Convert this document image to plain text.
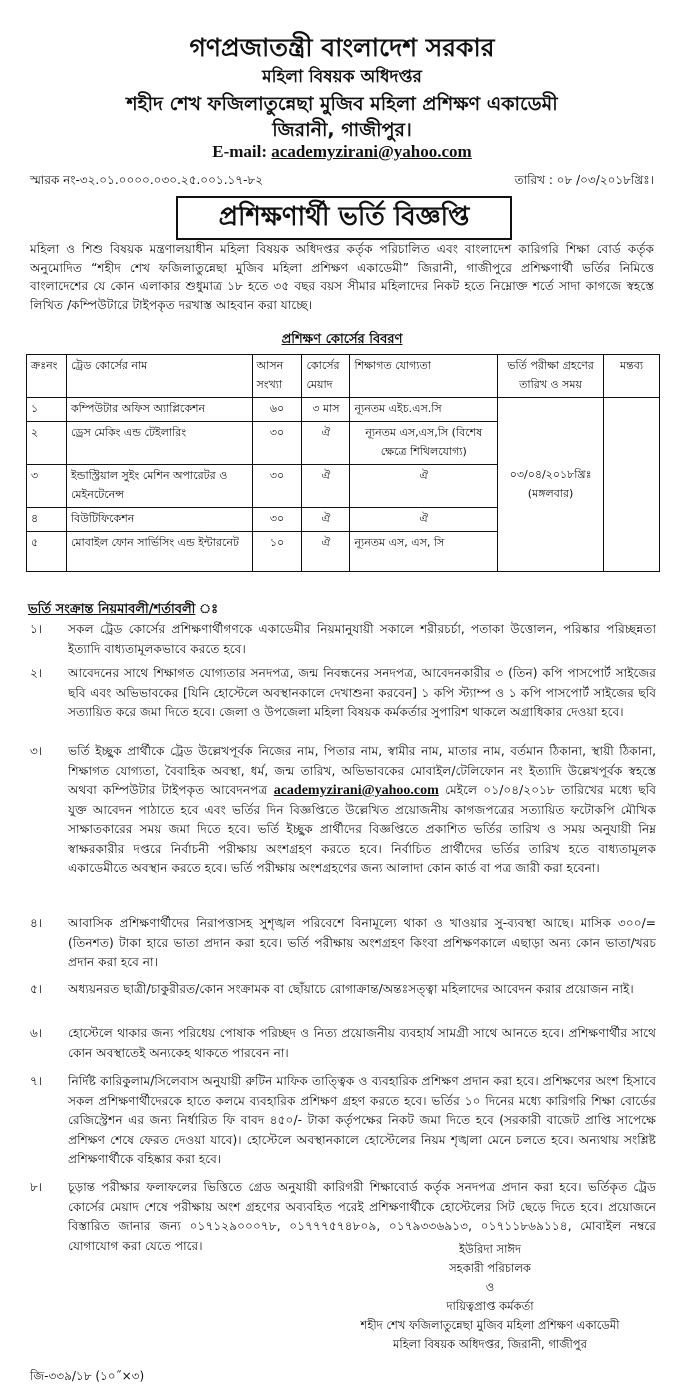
গণপ্রজাতন্ত্রী বাংলাদেশ সরকার
মহিলা বিষয়ক অধিদপ্তর
শহীদ শেখ ফজিলাতুন্নেছা মুজিব মহিলা প্রশিক্ষণ একাডেমী
জিরানী, গাজীপুর।
E-mail: academyzirani@yahoo.com
স্মারক নং-৩২.০১.০০০০.০৩০.২৫.০০১.১৭-৮২	তারিখ : ০৮ /০৩/২০১৮খ্রিঃ।
প্রশিক্ষণার্থী ভর্তি বিজ্ঞপ্তি
মহিলা ও শিশু বিষয়ক মন্ত্রণালয়াধীন মহিলা বিষয়ক অধিদপ্তর কর্তৃক পরিচালিত এবং বাংলাদেশ কারিগরি শিক্ষা বোর্ড কর্তৃক অনুমোদিত “শহীদ শেখ ফজিলাতুন্নেছা মুজিব মহিলা প্রশিক্ষণ একাডেমী” জিরানী, গাজীপুরে প্রশিক্ষণার্থী ভর্তির নিমিত্তে বাংলাদেশের যে কোন এলাকার শুধুমাত্র ১৮ হতে ৩৫ বছর বয়স সীমার মহিলাদের নিকট হতে নিম্নোক্ত শর্তে সাদা কাগজে স্বহস্তে লিখিত /কম্পিউটারে টাইপকৃত দরখাস্ত আহবান করা যাচ্ছে।
প্রশিক্ষণ কোর্সের বিবরণ
ক্রঃনং	ট্রেড কোর্সের নাম	আসন সংখ্যা	কোর্সের মেয়াদ	শিক্ষাগত যোগ্যতা	ভর্তি পরীক্ষা গ্রহণের তারিখ ও সময়	মন্তব্য
১	কম্পিউটার অফিস অ্যাপ্লিকেশন	৬০	৩ মাস	ন্যূনতম এইচ.এস.সি	০৩/০৪/২০১৮খ্রিঃ
(মঙ্গলবার)	

২	ড্রেস মেকিং এন্ড টেইলারিং	৩০	ঐ	ন্যূনতম এস,এস,সি (বিশেষ ক্ষেত্রে শিথিলযোগ্য)		
৩	ইন্ডাস্ট্রিয়াল সুইং মেশিন অপারেটর ও মেইনটেনেন্স	৩০	ঐ	ঐ		
৪	বিউটিফিকেশন	৩০	ঐ	ঐ		
৫	মোবাইল ফোন সার্ভিসিং এন্ড ইন্টারনেট	১০	ঐ	ন্যূনতম এস, এস, সি		
ভর্তি সংক্রান্ত নিয়মাবলী/শর্তাবলী ঃ
১।	সকল ট্রেড কোর্সের প্রশিক্ষণার্থীগণকে একাডেমীর নিয়মানুযায়ী সকালে শরীরচর্চা, পতাকা উত্তোলন, পরিষ্কার পরিচ্ছন্নতা ইত্যাদি বাধ্যতামূলকভাবে করতে হবে।
২।	আবেদনের সাথে শিক্ষাগত যোগ্যতার সনদপত্র, জন্ম নিবন্ধনের সনদপত্র, আবেদনকারীর ৩ (তিন) কপি পাসপোর্ট সাইজের ছবি এবং অভিভাবকের [যিনি হোস্টেলে অবস্থানকালে দেখাশুনা করবেন] ১ কপি স্ট্যাম্প ও ১ কপি পাসপোর্ট সাইজের ছবি সত্যায়িত করে জমা দিতে হবে। জেলা ও উপজেলা মহিলা বিষয়ক কর্মকর্তার সুপারিশ থাকলে অগ্রাধিকার দেওয়া হবে।
৩।	ভর্তি ইচ্ছুক প্রার্থীকে ট্রেড উল্লেখপূর্বক নিজের নাম, পিতার নাম, স্বামীর নাম, মাতার নাম, বর্তমান ঠিকানা, স্থায়ী ঠিকানা, শিক্ষাগত যোগ্যতা, বৈবাহিক অবস্থা, ধর্ম, জন্ম তারিখ, অভিভাবকের মোবাইল/টেলিফোন নং ইত্যাদি উল্লেখপূর্বক স্বহস্তে অথবা কম্পিউটার টাইপকৃত আবেদনপত্র academyzirani@yahoo.com মেইলে ০১/০৪/২০১৮ তারিখের মধ্যে ছবি যুক্ত আবেদন পাঠাতে হবে এবং ভর্তির দিন বিজ্ঞপ্তিতে উল্লেখিত প্রয়োজনীয় কাগজপত্রের সত্যায়িত ফটোকপি মৌখিক সাক্ষাতকারের সময় জমা দিতে হবে। ভর্তি ইচ্ছুক প্রার্থীদের বিজ্ঞপ্তিতে প্রকাশিত ভর্তির তারিখ ও সময় অনুযায়ী নিম্ন স্বাক্ষরকারীর দপ্তরে নির্বাচনী পরীক্ষায় অংশগ্রহণ করতে হবে। নির্বাচিত প্রার্থীদের ভর্তির তারিখ হতে বাধ্যতামূলক একাডেমীতে অবস্থান করতে হবে। ভর্তি পরীক্ষায় অংশগ্রহণের জন্য আলাদা কোন কার্ড বা পত্র জারী করা হবেনা।
৪।	আবাসিক প্রশিক্ষণার্থীদের নিরাপত্তাসহ সুশৃঙ্খল পরিবেশে বিনামূল্যে থাকা ও খাওয়ার সু-ব্যবস্থা আছে। মাসিক ৩০০/= (তিনশত) টাকা হারে ভাতা প্রদান করা হবে। ভর্তি পরীক্ষায় অংশগ্রহণ কিংবা প্রশিক্ষণকালে এছাড়া অন্য কোন ভাতা/খরচ প্রদান করা হবে না।
৫।	অধ্যয়নরত ছাত্রী/চাকুরীরত/কোন সংক্রামক বা ছোঁয়াচে রোগাক্রান্ত/অন্তঃসত্ত্বা মহিলাদের আবেদন করার প্রয়োজন নাই।
৬।	হোস্টেলে থাকার জন্য পরিধেয় পোষাক পরিচ্ছদ ও নিত্য প্রয়োজনীয় ব্যবহার্য সামগ্রী সাথে আনতে হবে। প্রশিক্ষণার্থীর সাথে কোন অবস্থাতেই অন্যকেহ থাকতে পারবেন না।
৭।	নির্দিষ্ট কারিকুলাম/সিলেবাস অনুযায়ী রুটিন মাফিক তাত্ত্বিক ও ব্যবহারিক প্রশিক্ষণ প্রদান করা হবে। প্রশিক্ষণের অংশ হিসাবে সকল প্রশিক্ষণার্থীদেরকে হাতে কলমে ব্যবহারিক প্রশিক্ষণ গ্রহণ করতে হবে। ভর্তির ১০ দিনের মধ্যে কারিগরি শিক্ষা বোর্ডের রেজিস্ট্রেশন এর জন্য নির্ধারিত ফি বাবদ ৪৫০/- টাকা কর্তৃপক্ষের নিকট জমা দিতে হবে (সরকারী বাজেট প্রাপ্তি সাপেক্ষে প্রশিক্ষণ শেষে ফেরত দেওয়া যাবে)। হোস্টেলে অবস্থানকালে হোস্টেলের নিয়ম শৃঙ্খলা মেনে চলতে হবে। অন্যথায় সংশ্লিষ্ট প্রশিক্ষণার্থীকে বহিষ্কার করা হবে।
৮।	চূড়ান্ত পরীক্ষার ফলাফলের ভিত্তিতে গ্রেড অনুযায়ী কারিগরী শিক্ষাবোর্ড কর্তৃক সনদপত্র প্রদান করা হবে। ভর্তিকৃত ট্রেড কোর্সের মেয়াদ শেষে পরীক্ষায় অংশ গ্রহণের অব্যবহিত পরেই প্রশিক্ষণার্থীকে হোস্টেলের সিট ছেড়ে দিতে হবে। প্রয়োজনে বিস্তারিত জানার জন্য ০১৭১২৯০০০৭৮, ০১৭৭৭৫৭৪৮০৯, ০১৭৯৩৩৬৯১৩, ০১৭১১৮৬৯১১৪, মোবাইল নম্বরে যোগাযোগ করা যেতে পারে।	ইউরিদা সাঈদ
সহকারী পরিচালক
ও
দায়িত্বপ্রাপ্ত কর্মকর্তা
শহীদ শেখ ফজিলাতুন্নেছা মুজিব মহিলা প্রশিক্ষণ একাডেমী
মহিলা বিষয়ক অধিদপ্তর, জিরানী, গাজীপুর
জি-৩৩৯/১৮ (১০˝×৩)
